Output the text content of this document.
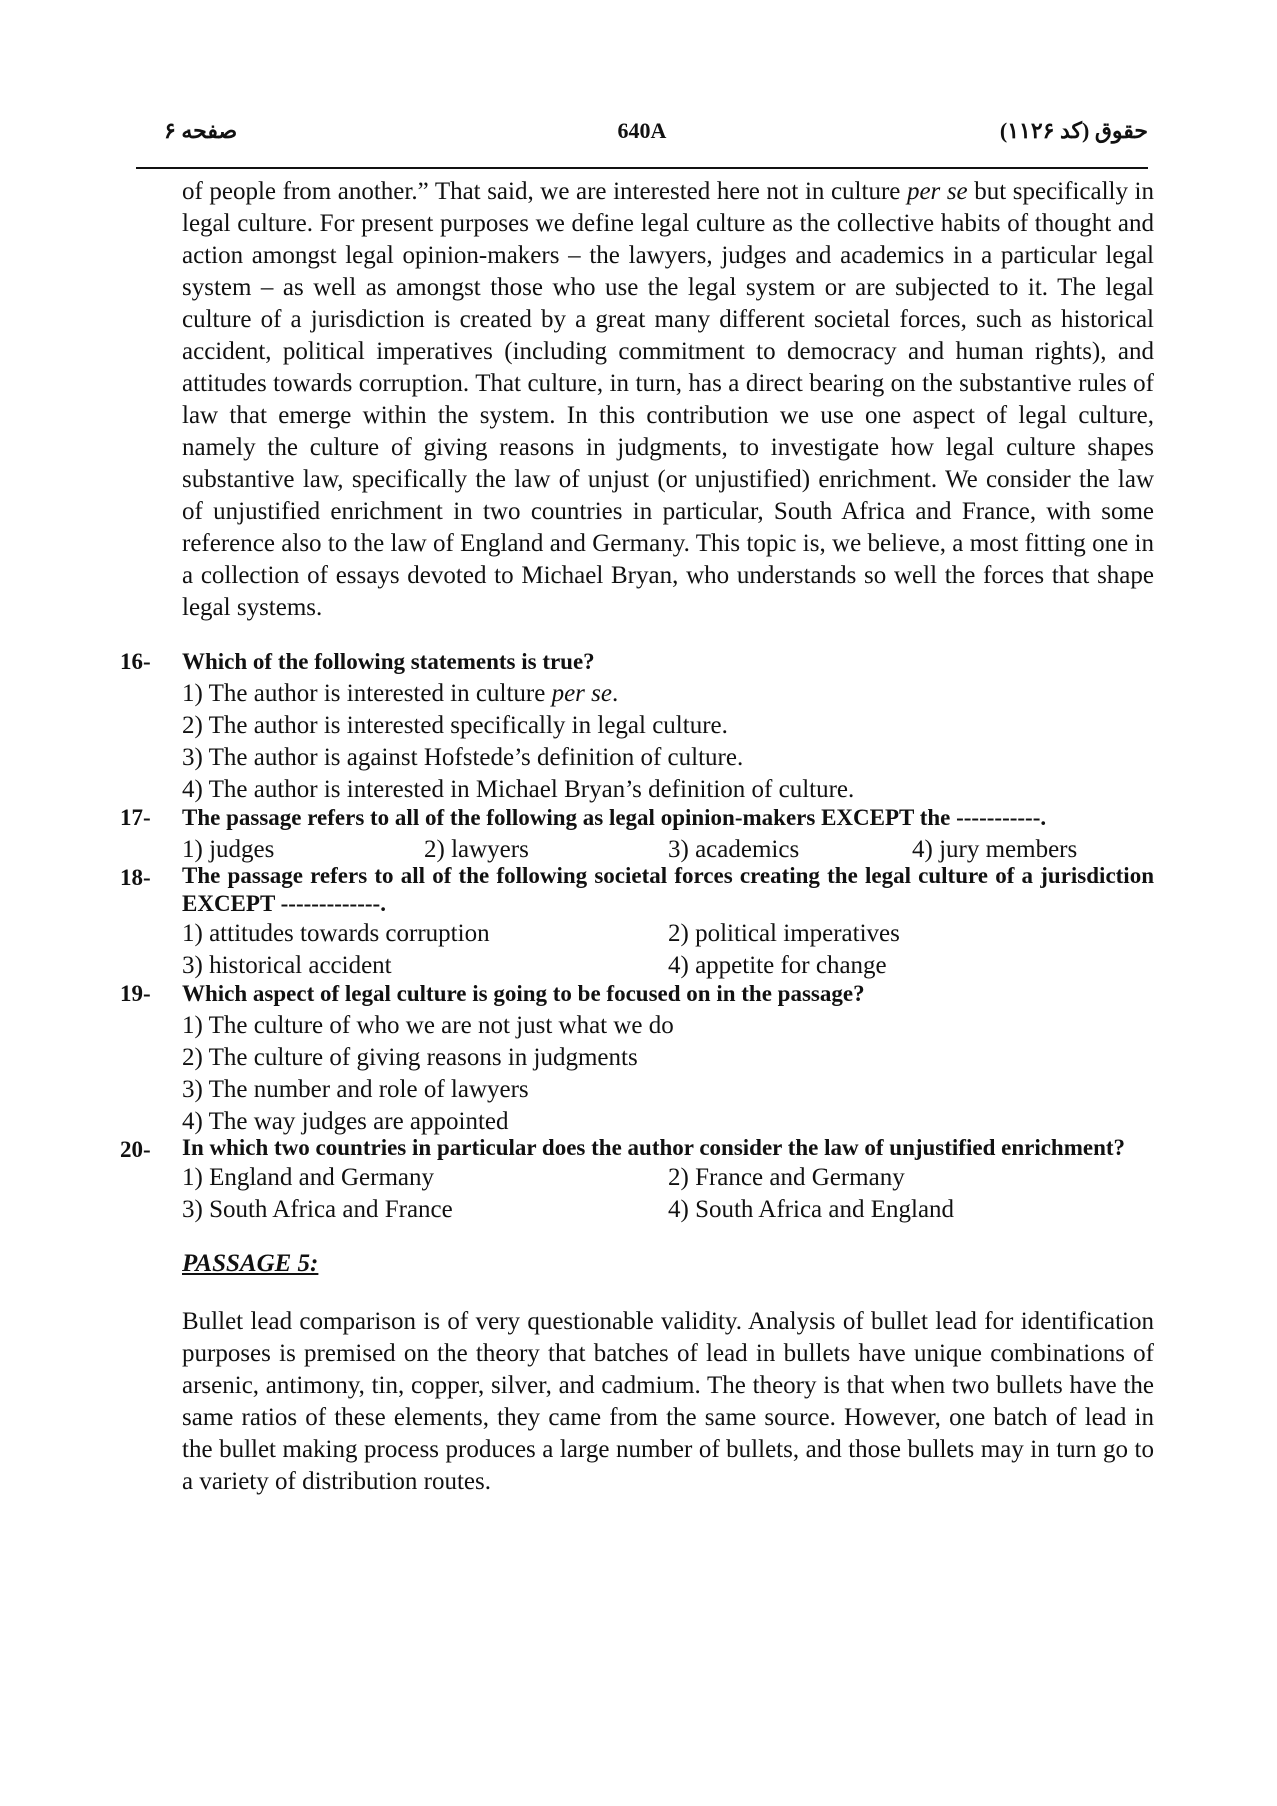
صفحه ۶	640A	حقوق (کد ۱۱۲۶)
of people from another.” That said, we are interested here not in culture per se but specifically in legal culture. For present purposes we define legal culture as the collective habits of thought and action amongst legal opinion-makers – the lawyers, judges and academics in a particular legal system – as well as amongst those who use the legal system or are subjected to it. The legal culture of a jurisdiction is created by a great many different societal forces, such as historical accident, political imperatives (including commitment to democracy and human rights), and attitudes towards corruption. That culture, in turn, has a direct bearing on the substantive rules of law that emerge within the system. In this contribution we use one aspect of legal culture, namely the culture of giving reasons in judgments, to investigate how legal culture shapes substantive law, specifically the law of unjust (or unjustified) enrichment. We consider the law of unjustified enrichment in two countries in particular, South Africa and France, with some reference also to the law of England and Germany. This topic is, we believe, a most fitting one in a collection of essays devoted to Michael Bryan, who understands so well the forces that shape legal systems.
16- Which of the following statements is true?
1) The author is interested in culture per se.
2) The author is interested specifically in legal culture.
3) The author is against Hofstede’s definition of culture.
4) The author is interested in Michael Bryan’s definition of culture.
17- The passage refers to all of the following as legal opinion-makers EXCEPT the -----------.
1) judges	2) lawyers	3) academics	4) jury members
18- The passage refers to all of the following societal forces creating the legal culture of a jurisdiction EXCEPT -------------.
1) attitudes towards corruption	2) political imperatives
3) historical accident	4) appetite for change
19- Which aspect of legal culture is going to be focused on in the passage?
1) The culture of who we are not just what we do
2) The culture of giving reasons in judgments
3) The number and role of lawyers
4) The way judges are appointed
20- In which two countries in particular does the author consider the law of unjustified enrichment?
1) England and Germany	2) France and Germany
3) South Africa and France	4) South Africa and England
PASSAGE 5:
Bullet lead comparison is of very questionable validity. Analysis of bullet lead for identification purposes is premised on the theory that batches of lead in bullets have unique combinations of arsenic, antimony, tin, copper, silver, and cadmium. The theory is that when two bullets have the same ratios of these elements, they came from the same source. However, one batch of lead in the bullet making process produces a large number of bullets, and those bullets may in turn go to a variety of distribution routes.
